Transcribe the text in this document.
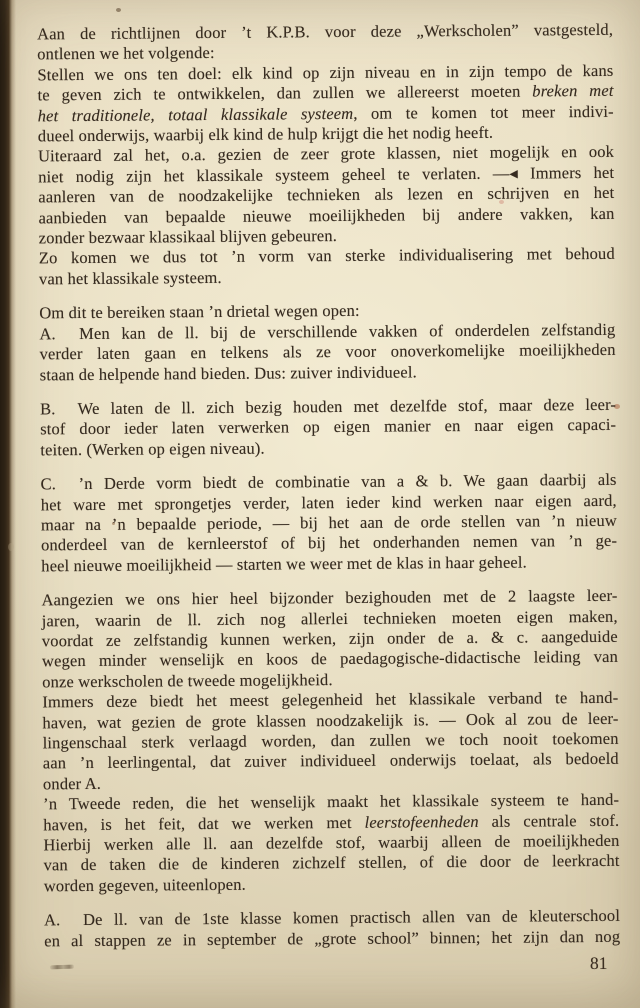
Aan de richtlijnen door ’t K.P.B. voor deze „Werkscholen” vastgesteld,
ontlenen we het volgende:
Stellen we ons ten doel: elk kind op zijn niveau en in zijn tempo de kans
te geven zich te ontwikkelen, dan zullen we allereerst moeten breken met
het traditionele, totaal klassikale systeem, om te komen tot meer indivi-
dueel onderwijs, waarbij elk kind de hulp krijgt die het nodig heeft.
Uiteraard zal het, o.a. gezien de zeer grote klassen, niet mogelijk en ook
niet nodig zijn het klassikale systeem geheel te verlaten. —◂ Immers het
aanleren van de noodzakelijke technieken als lezen en schrijven en het
aanbieden van bepaalde nieuwe moeilijkheden bij andere vakken, kan
zonder bezwaar klassikaal blijven gebeuren.
Zo komen we dus tot ’n vorm van sterke individualisering met behoud
van het klassikale systeem.
Om dit te bereiken staan ’n drietal wegen open:
A.  Men kan de ll. bij de verschillende vakken of onderdelen zelfstandig
verder laten gaan en telkens als ze voor onoverkomelijke moeilijkheden
staan de helpende hand bieden. Dus: zuiver individueel.
B.  We laten de ll. zich bezig houden met dezelfde stof, maar deze leer-
stof door ieder laten verwerken op eigen manier en naar eigen capaci-
teiten. (Werken op eigen niveau).
C.  ’n Derde vorm biedt de combinatie van a & b. We gaan daarbij als
het ware met sprongetjes verder, laten ieder kind werken naar eigen aard,
maar na ’n bepaalde periode, — bij het aan de orde stellen van ’n nieuw
onderdeel van de kernleerstof of bij het onderhanden nemen van ’n ge-
heel nieuwe moeilijkheid — starten we weer met de klas in haar geheel.
Aangezien we ons hier heel bijzonder bezighouden met de 2 laagste leer-
jaren, waarin de ll. zich nog allerlei technieken moeten eigen maken,
voordat ze zelfstandig kunnen werken, zijn onder de a. & c. aangeduide
wegen minder wenselijk en koos de paedagogische-didactische leiding van
onze werkscholen de tweede mogelijkheid.
Immers deze biedt het meest gelegenheid het klassikale verband te hand-
haven, wat gezien de grote klassen noodzakelijk is. — Ook al zou de leer-
lingenschaal sterk verlaagd worden, dan zullen we toch nooit toekomen
aan ’n leerlingental, dat zuiver individueel onderwijs toelaat, als bedoeld
onder A.
’n Tweede reden, die het wenselijk maakt het klassikale systeem te hand-
haven, is het feit, dat we werken met leerstofeenheden als centrale stof.
Hierbij werken alle ll. aan dezelfde stof, waarbij alleen de moeilijkheden
van de taken die de kinderen zichzelf stellen, of die door de leerkracht
worden gegeven, uiteenlopen.
A.  De ll. van de 1ste klasse komen practisch allen van de kleuterschool
en al stappen ze in september de „grote school” binnen; het zijn dan nog
81
